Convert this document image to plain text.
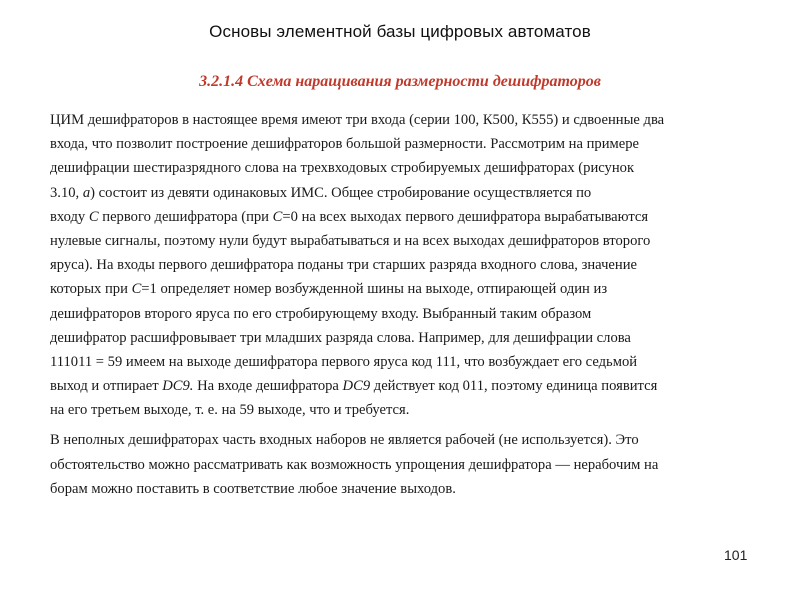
Основы элементной базы цифровых автоматов
3.2.1.4 Схема наращивания размерности дешифраторов
ЦИМ дешифраторов в настоящее время имеют три входа (серии 100, К500, К555) и сдвоенные два
входа, что позволит построение дешифраторов большой размерности. Рассмотрим на примере
дешифрации шестиразрядного слова на трехвходовых стробируемых дешифраторах (рисунок
3.10, а) состоит из девяти одинаковых ИМС. Общее стробирование осуществляется по
входу С первого дешифратора (при С=0 на всех выходах первого дешифратора вырабатываются
нулевые сигналы, поэтому нули будут вырабатываться и на всех выходах дешифраторов второго
яруса). На входы первого дешифратора поданы три старших разряда входного слова, значение
которых при С=1 определяет номер возбужденной шины на выходе, отпирающей один из
дешифраторов второго яруса по его стробирующему входу. Выбранный таким образом
дешифратор расшифровывает три младших разряда слова. Например, для дешифрации слова
111011 = 59 имеем на выходе дешифратора первого яруса код 111, что возбуждает его седьмой
выход и отпирает DC9. На входе дешифратора DC9 действует код 011, поэтому единица появится
на его третьем выходе, т. е. на 59 выходе, что и требуется.
В неполных дешифраторах часть входных наборов не является рабочей (не используется). Это
обстоятельство можно рассматривать как возможность упрощения дешифратора — нерабочим на
борам можно поставить в соответствие любое значение выходов.
101
